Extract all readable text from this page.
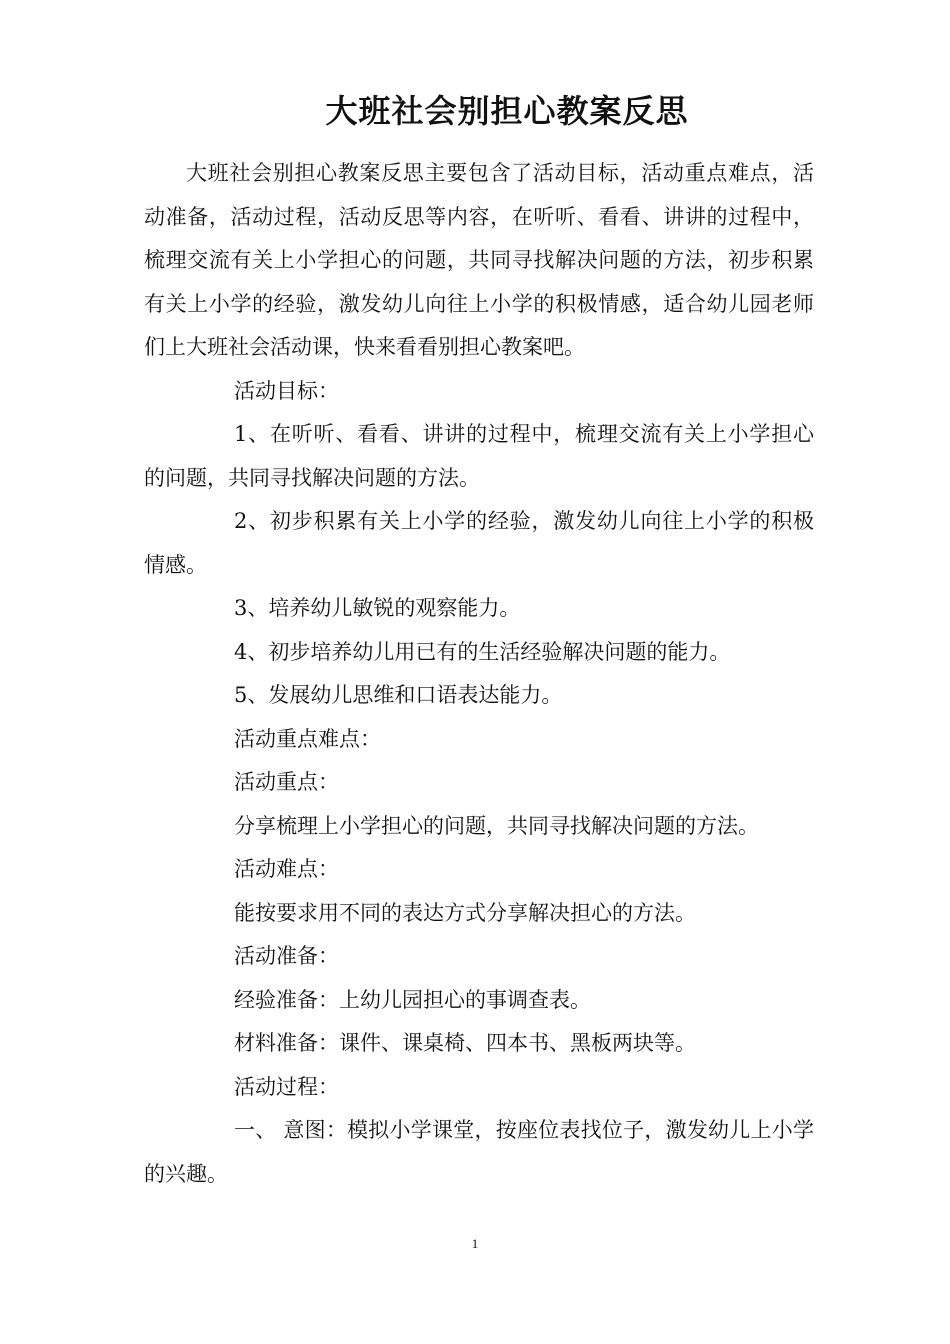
大班社会别担心教案反思

大班社会别担心教案反思主要包含了活动目标，活动重点难点，活动准备，活动过程，活动反思等内容，在听听、看看、讲讲的过程中，梳理交流有关上小学担心的问题，共同寻找解决问题的方法，初步积累有关上小学的经验，激发幼儿向往上小学的积极情感，适合幼儿园老师们上大班社会活动课，快来看看别担心教案吧。

活动目标：

1、在听听、看看、讲讲的过程中，梳理交流有关上小学担心的问题，共同寻找解决问题的方法。

2、初步积累有关上小学的经验，激发幼儿向往上小学的积极情感。

3、培养幼儿敏锐的观察能力。

4、初步培养幼儿用已有的生活经验解决问题的能力。

5、发展幼儿思维和口语表达能力。

活动重点难点：

活动重点：

分享梳理上小学担心的问题，共同寻找解决问题的方法。

活动难点：

能按要求用不同的表达方式分享解决担心的方法。

活动准备：

经验准备：上幼儿园担心的事调查表。

材料准备：课件、课桌椅、四本书、黑板两块等。

活动过程：

一、 意图：模拟小学课堂，按座位表找位子，激发幼儿上小学的兴趣。

1
